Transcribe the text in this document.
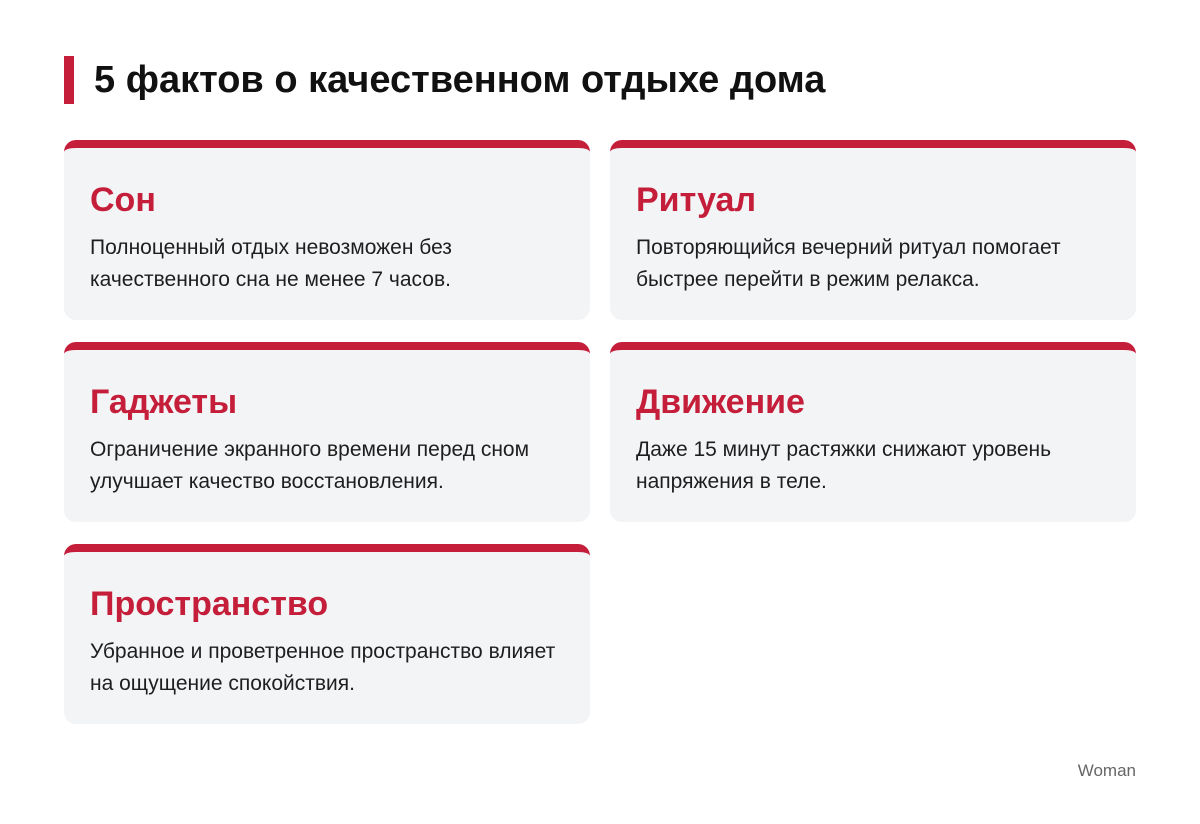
5 фактов о качественном отдыхе дома
Сон

Полноценный отдых невозможен без качественного сна не менее 7 часов.

Ритуал

Повторяющийся вечерний ритуал помогает быстрее перейти в режим релакса.

Гаджеты

Ограничение экранного времени перед сном улучшает качество восстановления.

Движение

Даже 15 минут растяжки снижают уровень напряжения в теле.

Пространство

Убранное и проветренное пространство влияет на ощущение спокойствия.

Woman
